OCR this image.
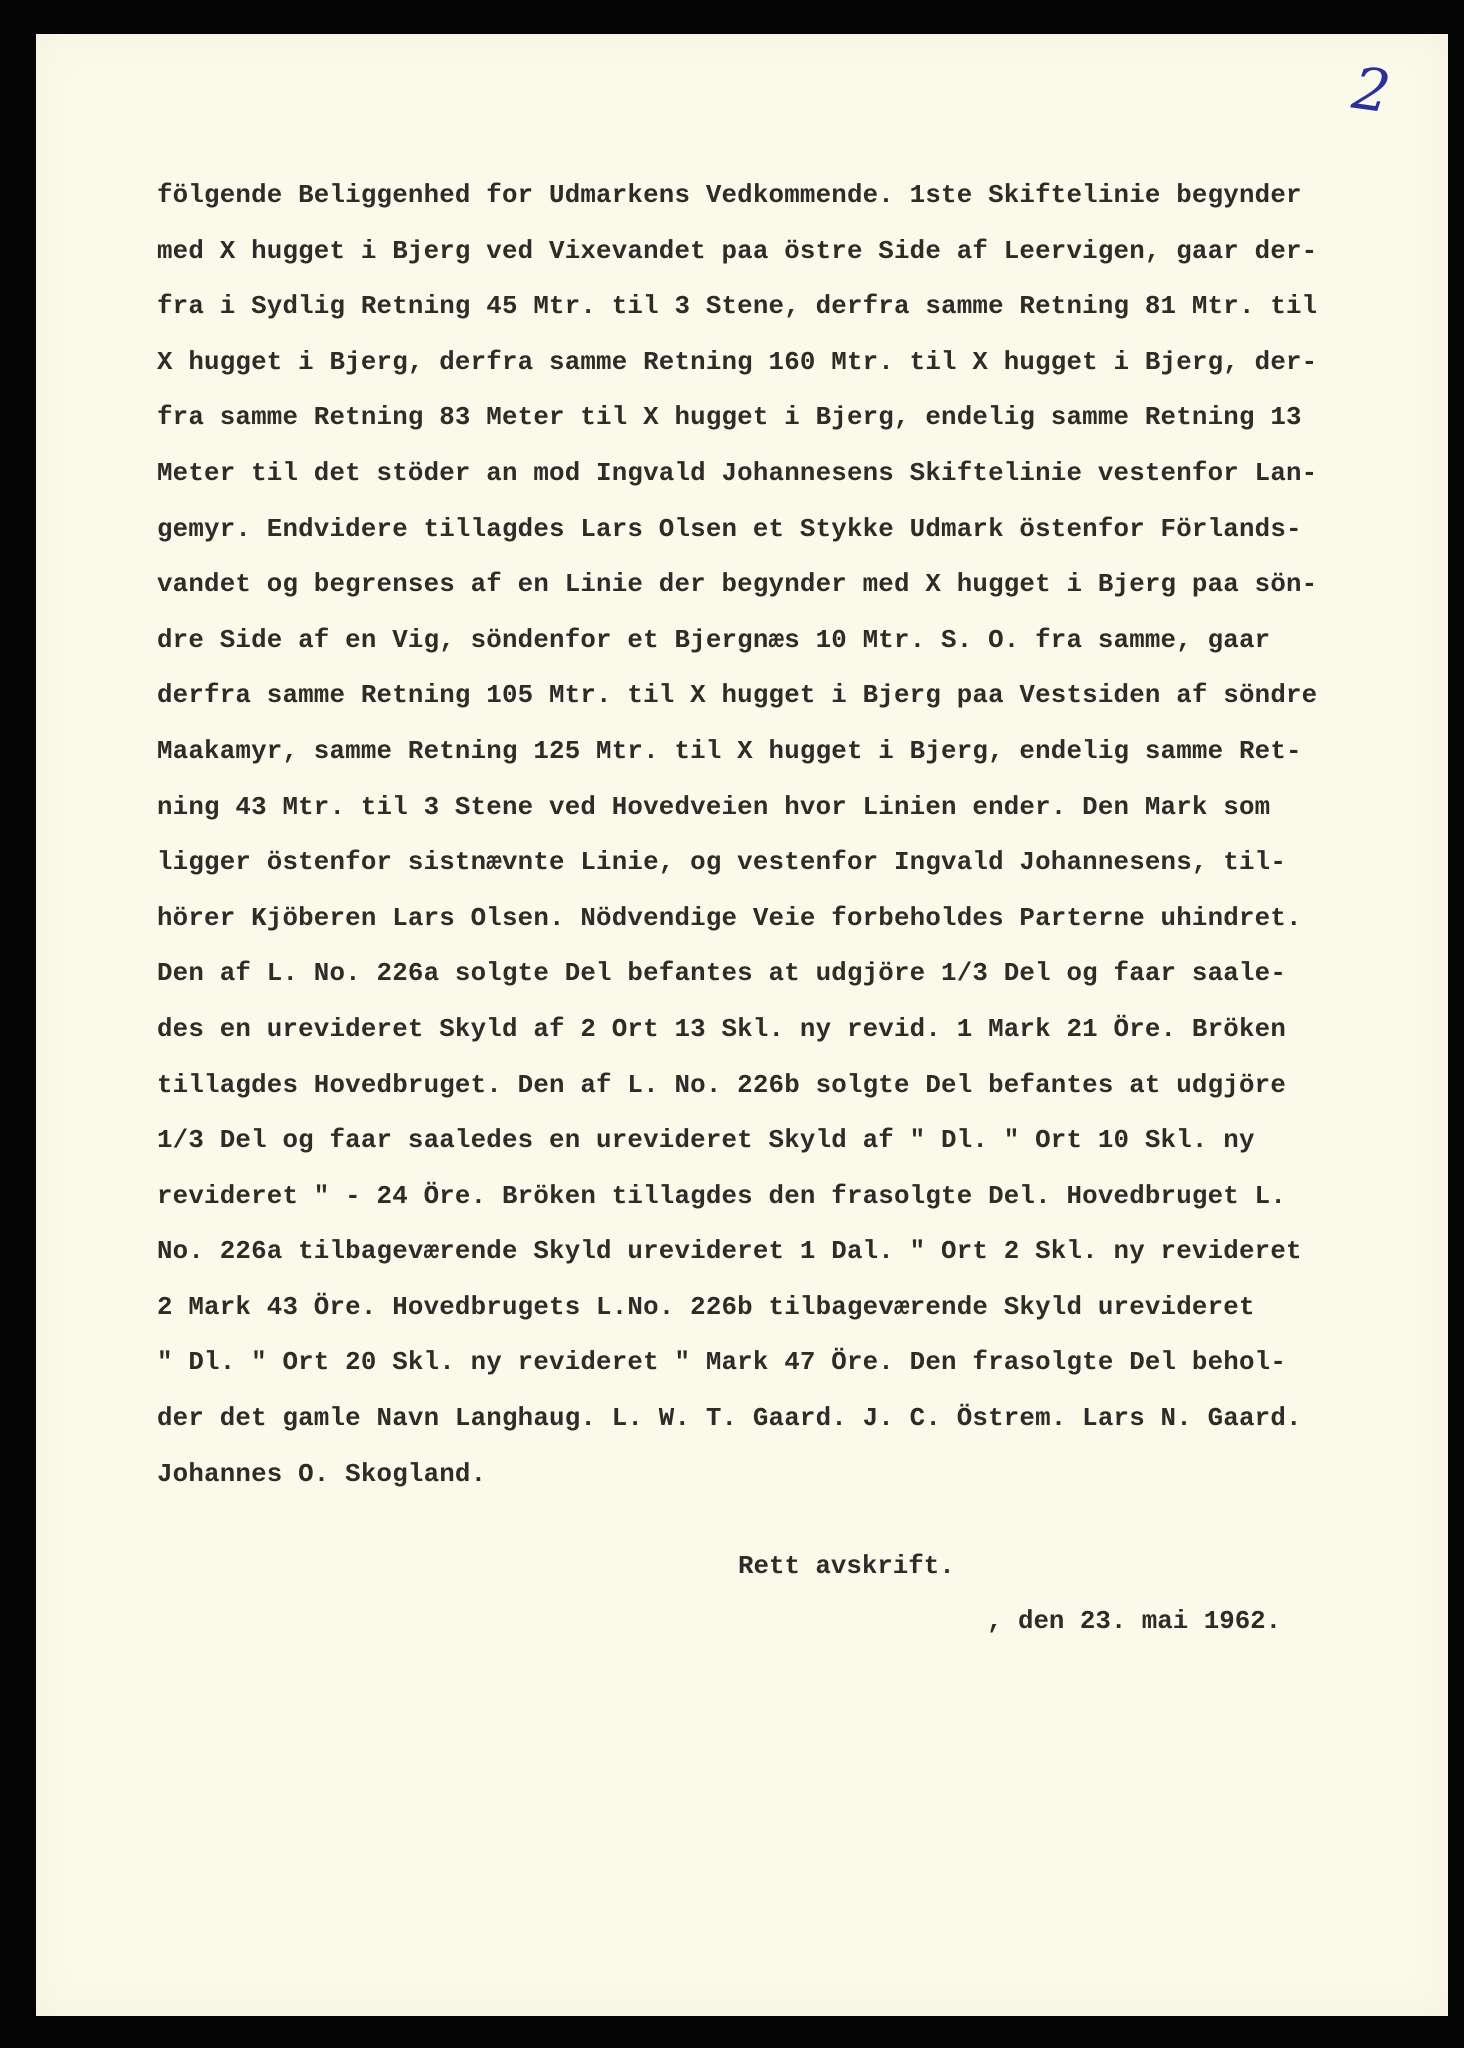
2
fölgende Beliggenhed for Udmarkens Vedkommende. 1ste Skiftelinie begynder
med X hugget i Bjerg ved Vixevandet paa östre Side af Leervigen, gaar der-
fra i Sydlig Retning 45 Mtr. til 3 Stene, derfra samme Retning 81 Mtr. til
X hugget i Bjerg, derfra samme Retning 160 Mtr. til X hugget i Bjerg, der-
fra samme Retning 83 Meter til X hugget i Bjerg, endelig samme Retning 13
Meter til det stöder an mod Ingvald Johannesens Skiftelinie vestenfor Lan-
gemyr. Endvidere tillagdes Lars Olsen et Stykke Udmark östenfor Förlands-
vandet og begrenses af en Linie der begynder med X hugget i Bjerg paa sön-
dre Side af en Vig, söndenfor et Bjergnæs 10 Mtr. S. O. fra samme, gaar
derfra samme Retning 105 Mtr. til X hugget i Bjerg paa Vestsiden af söndre
Maakamyr, samme Retning 125 Mtr. til X hugget i Bjerg, endelig samme Ret-
ning 43 Mtr. til 3 Stene ved Hovedveien hvor Linien ender. Den Mark som
ligger östenfor sistnævnte Linie, og vestenfor Ingvald Johannesens, til-
hörer Kjöberen Lars Olsen. Nödvendige Veie forbeholdes Parterne uhindret.
Den af L. No. 226a solgte Del befantes at udgjöre 1/3 Del og faar saale-
des en urevideret Skyld af 2 Ort 13 Skl. ny revid. 1 Mark 21 Öre. Bröken
tillagdes Hovedbruget. Den af L. No. 226b solgte Del befantes at udgjöre
1/3 Del og faar saaledes en urevideret Skyld af " Dl. " Ort 10 Skl. ny
revideret " - 24 Öre. Bröken tillagdes den frasolgte Del. Hovedbruget L.
No. 226a tilbageværende Skyld urevideret 1 Dal. " Ort 2 Skl. ny revideret
2 Mark 43 Öre. Hovedbrugets L.No. 226b tilbageværende Skyld urevideret
" Dl. " Ort 20 Skl. ny revideret " Mark 47 Öre. Den frasolgte Del behol-
der det gamle Navn Langhaug. L. W. T. Gaard. J. C. Östrem. Lars N. Gaard.
Johannes O. Skogland.
Rett avskrift.
, den 23. mai 1962.
